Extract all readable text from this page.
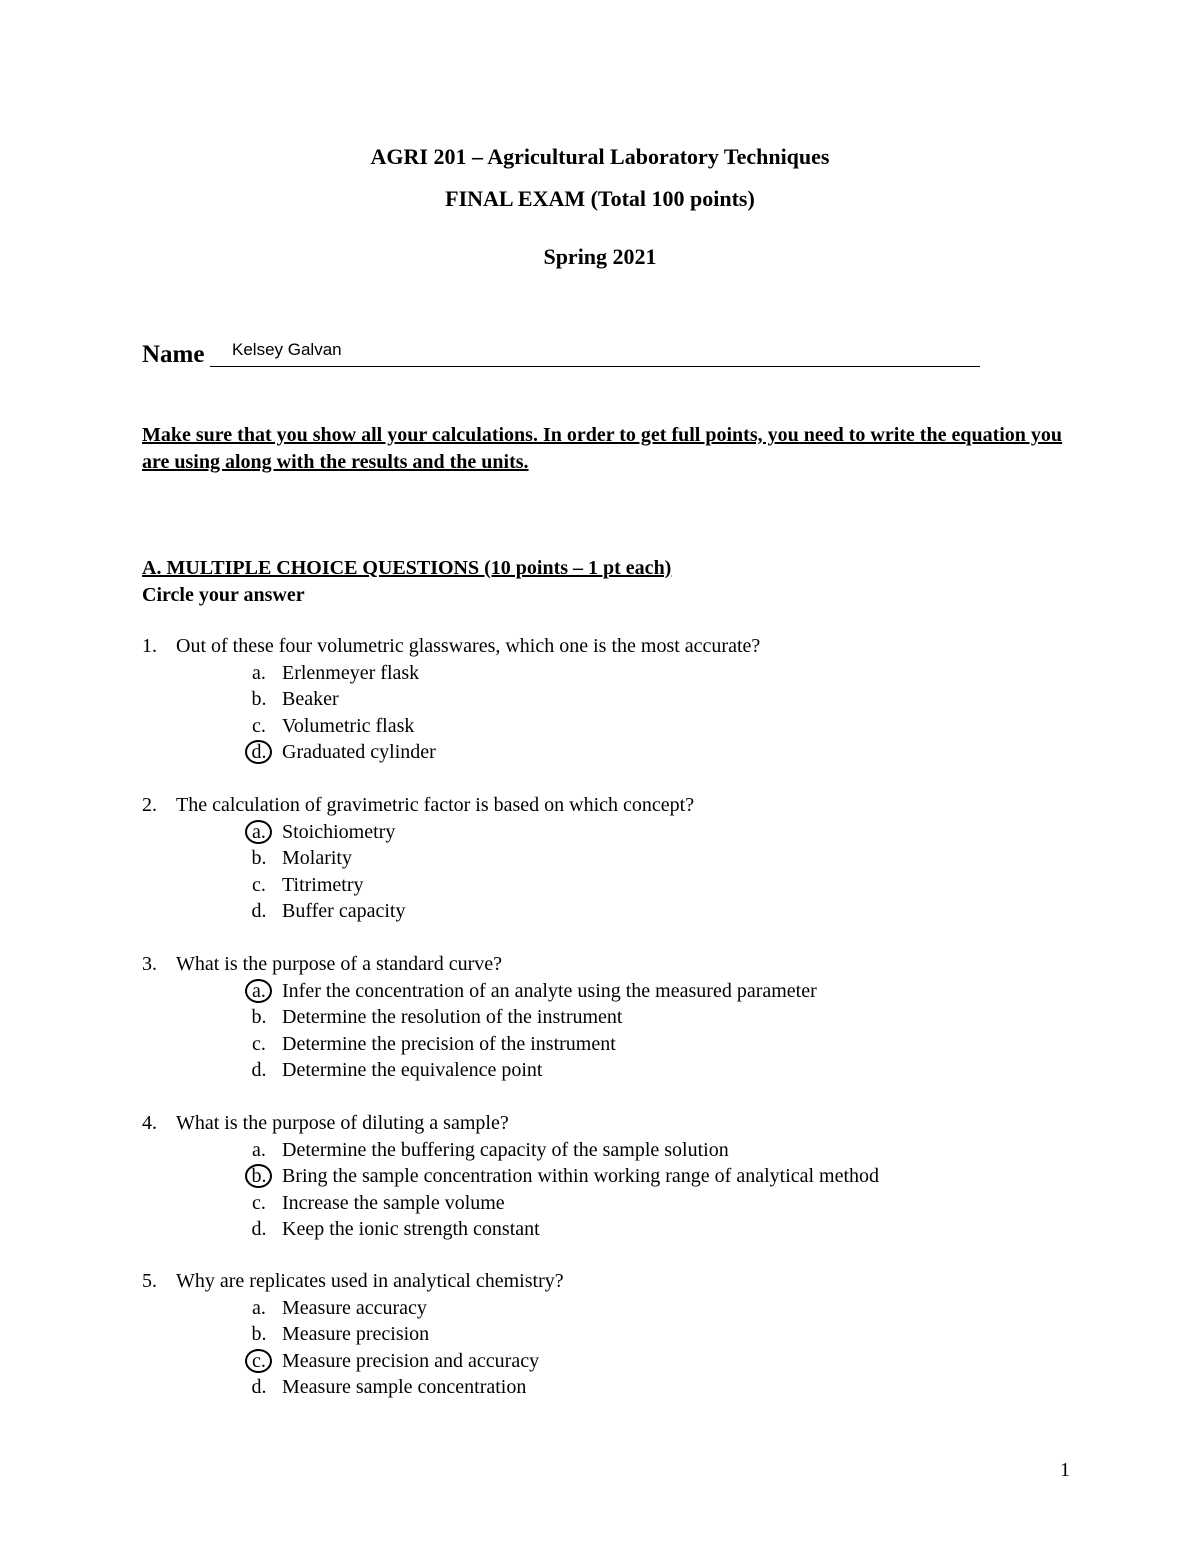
AGRI 201 – Agricultural Laboratory Techniques
FINAL EXAM (Total 100 points)
Spring 2021
Name Kelsey Galvan
Make sure that you show all your calculations. In order to get full points, you need to write the equation you are using along with the results and the units.
A. MULTIPLE CHOICE QUESTIONS (10 points – 1 pt each)
Circle your answer
1. Out of these four volumetric glasswares, which one is the most accurate?
a. Erlenmeyer flask
b. Beaker
c. Volumetric flask
d. Graduated cylinder
2. The calculation of gravimetric factor is based on which concept?
a. Stoichiometry
b. Molarity
c. Titrimetry
d. Buffer capacity
3. What is the purpose of a standard curve?
a. Infer the concentration of an analyte using the measured parameter
b. Determine the resolution of the instrument
c. Determine the precision of the instrument
d. Determine the equivalence point
4. What is the purpose of diluting a sample?
a. Determine the buffering capacity of the sample solution
b. Bring the sample concentration within working range of analytical method
c. Increase the sample volume
d. Keep the ionic strength constant
5. Why are replicates used in analytical chemistry?
a. Measure accuracy
b. Measure precision
c. Measure precision and accuracy
d. Measure sample concentration
1
